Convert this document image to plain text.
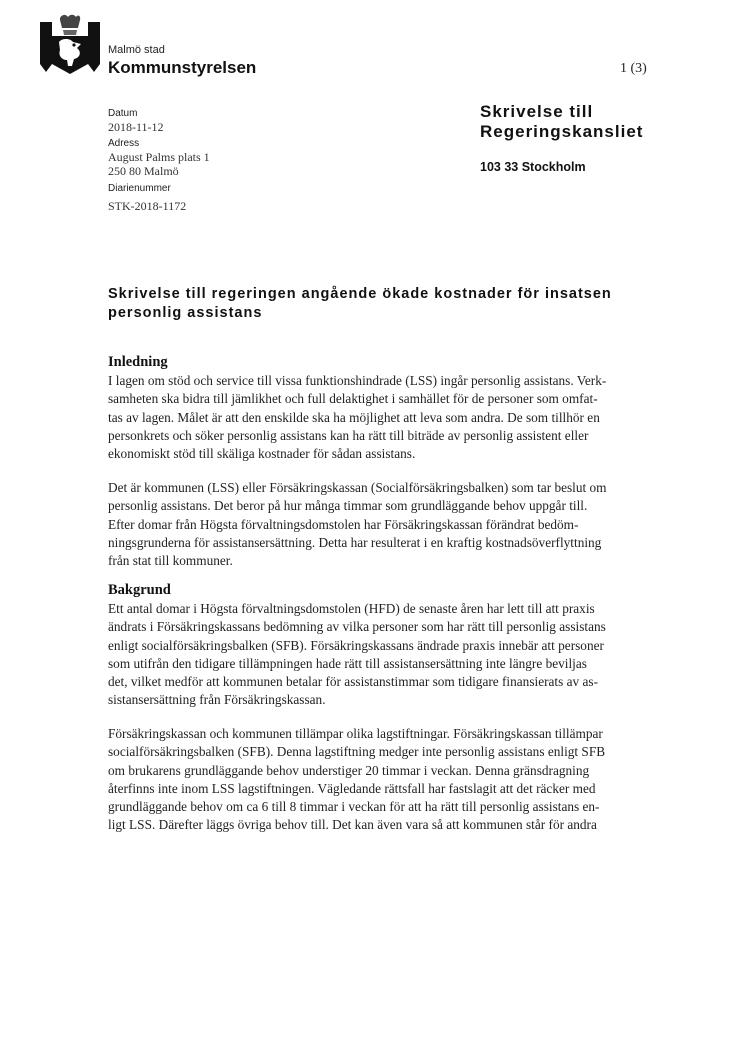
Malmö stad
Kommunstyrelsen	1 (3)
Datum
2018-11-12
Adress
August Palms plats 1
250 80 Malmö
Diarienummer
STK-2018-1172
Skrivelse till
Regeringskansliet
103 33 Stockholm
Skrivelse till regeringen angående ökade kostnader för insatsen
personlig assistans
Inledning
I lagen om stöd och service till vissa funktionshindrade (LSS) ingår personlig assistans. Verk-
samheten ska bidra till jämlikhet och full delaktighet i samhället för de personer som omfat-
tas av lagen. Målet är att den enskilde ska ha möjlighet att leva som andra. De som tillhör en
personkrets och söker personlig assistans kan ha rätt till biträde av personlig assistent eller
ekonomiskt stöd till skäliga kostnader för sådan assistans.
Det är kommunen (LSS) eller Försäkringskassan (Socialförsäkringsbalken) som tar beslut om
personlig assistans. Det beror på hur många timmar som grundläggande behov uppgår till.
Efter domar från Högsta förvaltningsdomstolen har Försäkringskassan förändrat bedöm-
ningsgrunderna för assistansersättning. Detta har resulterat i en kraftig kostnadsöverflyttning
från stat till kommuner.
Bakgrund
Ett antal domar i Högsta förvaltningsdomstolen (HFD) de senaste åren har lett till att praxis
ändrats i Försäkringskassans bedömning av vilka personer som har rätt till personlig assistans
enligt socialförsäkringsbalken (SFB). Försäkringskassans ändrade praxis innebär att personer
som utifrån den tidigare tillämpningen hade rätt till assistansersättning inte längre beviljas
det, vilket medför att kommunen betalar för assistanstimmar som tidigare finansierats av as-
sistansersättning från Försäkringskassan.
Försäkringskassan och kommunen tillämpar olika lagstiftningar. Försäkringskassan tillämpar
socialförsäkringsbalken (SFB). Denna lagstiftning medger inte personlig assistans enligt SFB
om brukarens grundläggande behov understiger 20 timmar i veckan. Denna gränsdragning
återfinns inte inom LSS lagstiftningen. Vägledande rättsfall har fastslagit att det räcker med
grundläggande behov om ca 6 till 8 timmar i veckan för att ha rätt till personlig assistans en-
ligt LSS. Därefter läggs övriga behov till. Det kan även vara så att kommunen står för andra
